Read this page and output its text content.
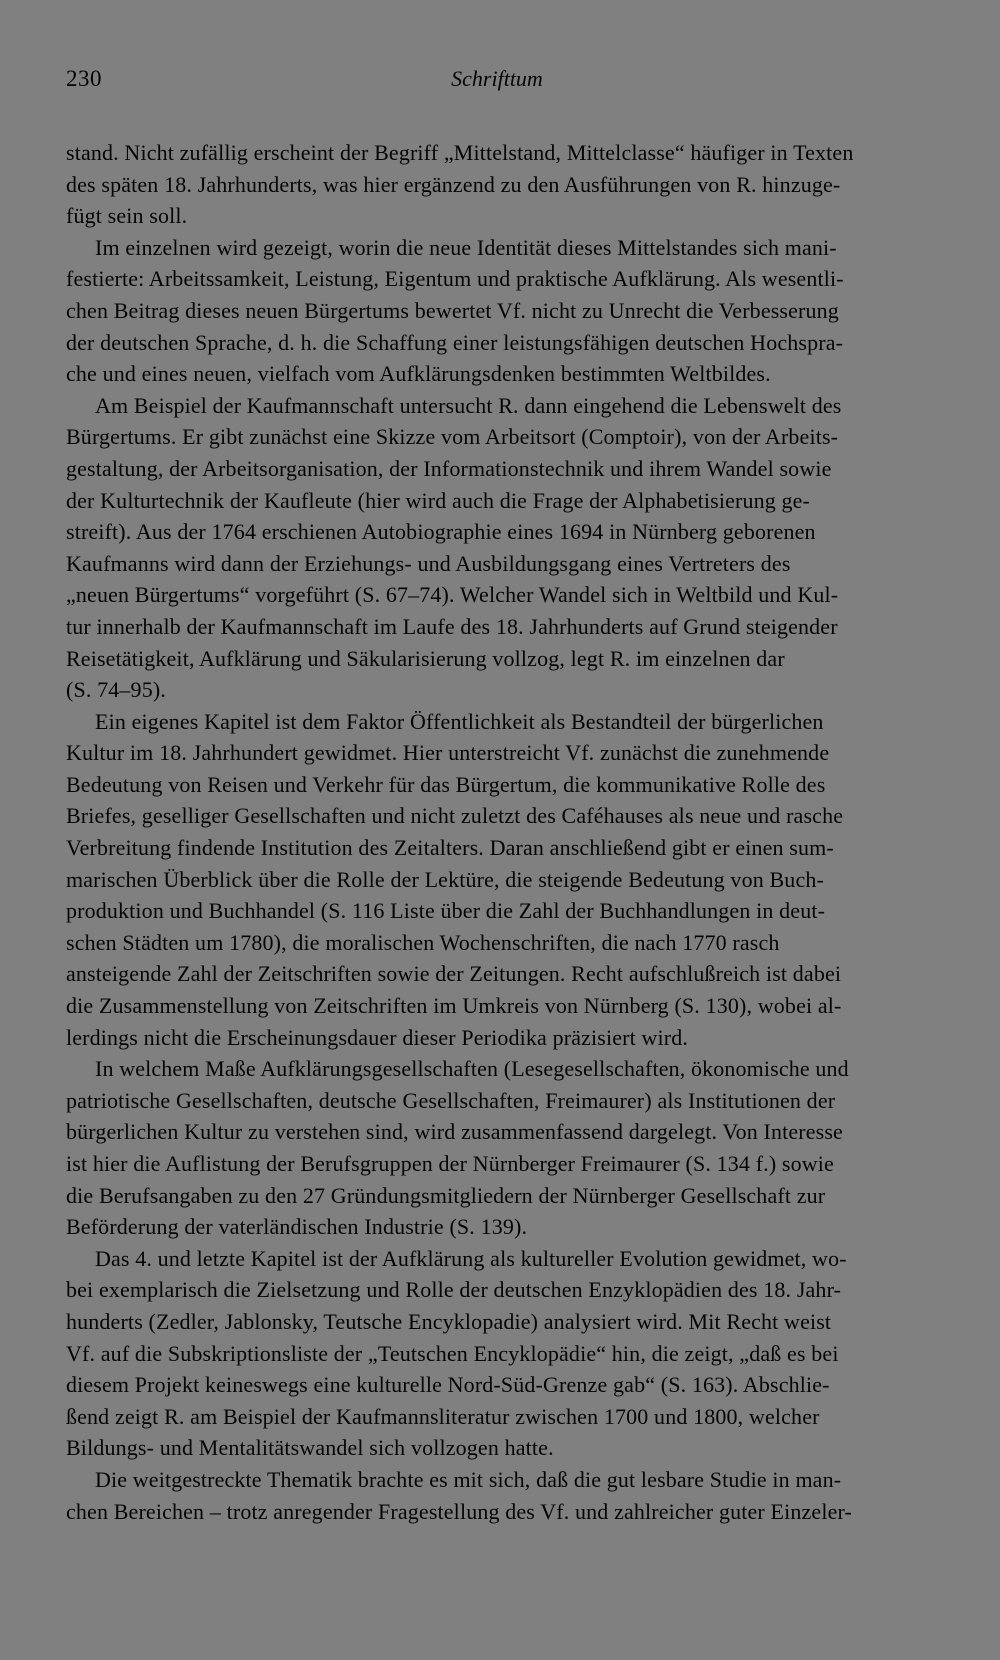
230	Schrifttum
stand. Nicht zufällig erscheint der Begriff „Mittelstand, Mittelclasse“ häufiger in Texten
des späten 18. Jahrhunderts, was hier ergänzend zu den Ausführungen von R. hinzuge-
fügt sein soll.
Im einzelnen wird gezeigt, worin die neue Identität dieses Mittelstandes sich mani-
festierte: Arbeitssamkeit, Leistung, Eigentum und praktische Aufklärung. Als wesentli-
chen Beitrag dieses neuen Bürgertums bewertet Vf. nicht zu Unrecht die Verbesserung
der deutschen Sprache, d. h. die Schaffung einer leistungsfähigen deutschen Hochspra-
che und eines neuen, vielfach vom Aufklärungsdenken bestimmten Weltbildes.
Am Beispiel der Kaufmannschaft untersucht R. dann eingehend die Lebenswelt des
Bürgertums. Er gibt zunächst eine Skizze vom Arbeitsort (Comptoir), von der Arbeits-
gestaltung, der Arbeitsorganisation, der Informationstechnik und ihrem Wandel sowie
der Kulturtechnik der Kaufleute (hier wird auch die Frage der Alphabetisierung ge-
streift). Aus der 1764 erschienen Autobiographie eines 1694 in Nürnberg geborenen
Kaufmanns wird dann der Erziehungs- und Ausbildungsgang eines Vertreters des
„neuen Bürgertums“ vorgeführt (S. 67–74). Welcher Wandel sich in Weltbild und Kul-
tur innerhalb der Kaufmannschaft im Laufe des 18. Jahrhunderts auf Grund steigender
Reisetätigkeit, Aufklärung und Säkularisierung vollzog, legt R. im einzelnen dar
(S. 74–95).
Ein eigenes Kapitel ist dem Faktor Öffentlichkeit als Bestandteil der bürgerlichen
Kultur im 18. Jahrhundert gewidmet. Hier unterstreicht Vf. zunächst die zunehmende
Bedeutung von Reisen und Verkehr für das Bürgertum, die kommunikative Rolle des
Briefes, geselliger Gesellschaften und nicht zuletzt des Caféhauses als neue und rasche
Verbreitung findende Institution des Zeitalters. Daran anschließend gibt er einen sum-
marischen Überblick über die Rolle der Lektüre, die steigende Bedeutung von Buch-
produktion und Buchhandel (S. 116 Liste über die Zahl der Buchhandlungen in deut-
schen Städten um 1780), die moralischen Wochenschriften, die nach 1770 rasch
ansteigende Zahl der Zeitschriften sowie der Zeitungen. Recht aufschlußreich ist dabei
die Zusammenstellung von Zeitschriften im Umkreis von Nürnberg (S. 130), wobei al-
lerdings nicht die Erscheinungsdauer dieser Periodika präzisiert wird.
In welchem Maße Aufklärungsgesellschaften (Lesegesellschaften, ökonomische und
patriotische Gesellschaften, deutsche Gesellschaften, Freimaurer) als Institutionen der
bürgerlichen Kultur zu verstehen sind, wird zusammenfassend dargelegt. Von Interesse
ist hier die Auflistung der Berufsgruppen der Nürnberger Freimaurer (S. 134 f.) sowie
die Berufsangaben zu den 27 Gründungsmitgliedern der Nürnberger Gesellschaft zur
Beförderung der vaterländischen Industrie (S. 139).
Das 4. und letzte Kapitel ist der Aufklärung als kultureller Evolution gewidmet, wo-
bei exemplarisch die Zielsetzung und Rolle der deutschen Enzyklopädien des 18. Jahr-
hunderts (Zedler, Jablonsky, Teutsche Encyklopadie) analysiert wird. Mit Recht weist
Vf. auf die Subskriptionsliste der „Teutschen Encyklopädie“ hin, die zeigt, „daß es bei
diesem Projekt keineswegs eine kulturelle Nord-Süd-Grenze gab“ (S. 163). Abschlie-
ßend zeigt R. am Beispiel der Kaufmannsliteratur zwischen 1700 und 1800, welcher
Bildungs- und Mentalitätswandel sich vollzogen hatte.
Die weitgestreckte Thematik brachte es mit sich, daß die gut lesbare Studie in man-
chen Bereichen – trotz anregender Fragestellung des Vf. und zahlreicher guter Einzeler-
